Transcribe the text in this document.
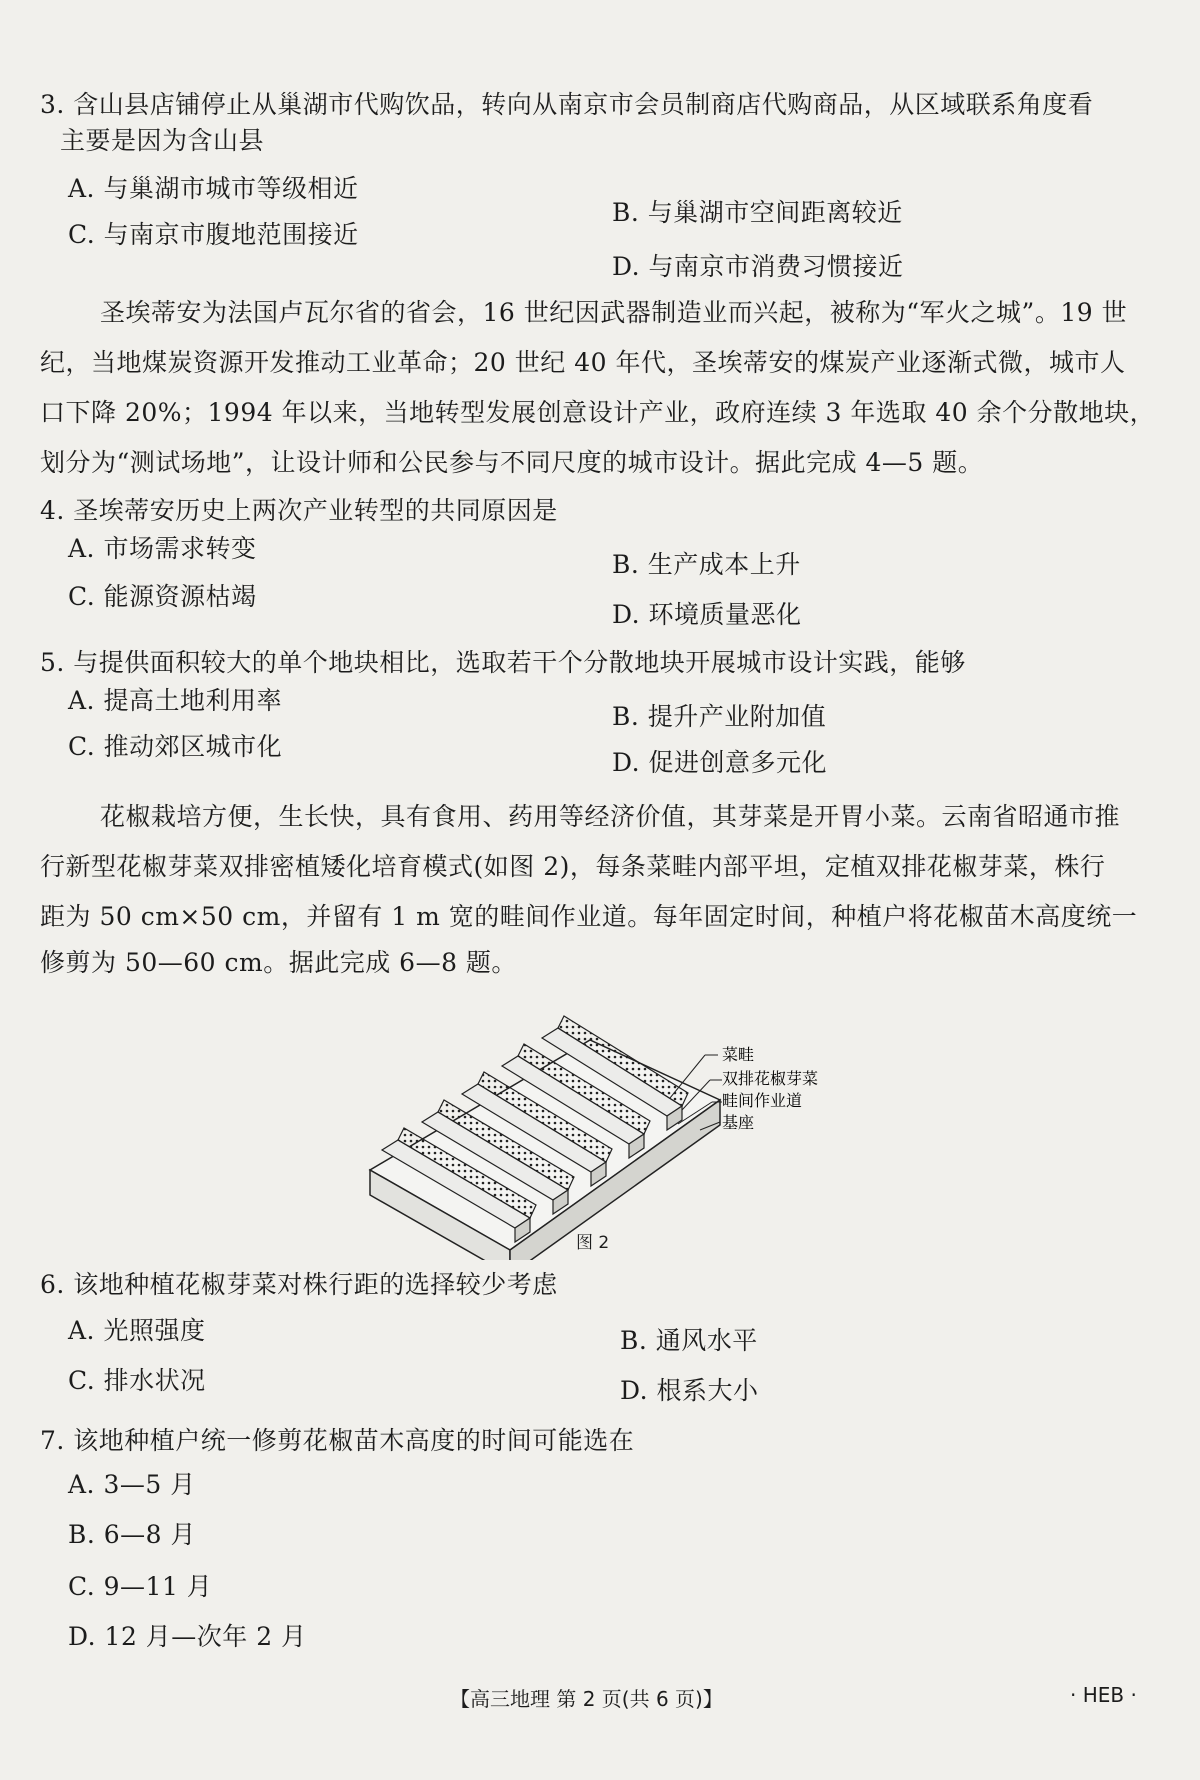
3. 含山县店铺停止从巢湖市代购饮品，转向从南京市会员制商店代购商品，从区域联系角度看
主要是因为含山县
A. 与巢湖市城市等级相近
B. 与巢湖市空间距离较近
C. 与南京市腹地范围接近
D. 与南京市消费习惯接近
圣埃蒂安为法国卢瓦尔省的省会，16 世纪因武器制造业而兴起，被称为“军火之城”。19 世
纪，当地煤炭资源开发推动工业革命；20 世纪 40 年代，圣埃蒂安的煤炭产业逐渐式微，城市人
口下降 20%；1994 年以来，当地转型发展创意设计产业，政府连续 3 年选取 40 余个分散地块，
划分为“测试场地”，让设计师和公民参与不同尺度的城市设计。据此完成 4—5 题。
4. 圣埃蒂安历史上两次产业转型的共同原因是
A. 市场需求转变
B. 生产成本上升
C. 能源资源枯竭
D. 环境质量恶化
5. 与提供面积较大的单个地块相比，选取若干个分散地块开展城市设计实践，能够
A. 提高土地利用率
B. 提升产业附加值
C. 推动郊区城市化
D. 促进创意多元化
花椒栽培方便，生长快，具有食用、药用等经济价值，其芽菜是开胃小菜。云南省昭通市推
行新型花椒芽菜双排密植矮化培育模式(如图 2)，每条菜畦内部平坦，定植双排花椒芽菜，株行
距为 50 cm×50 cm，并留有 1 m 宽的畦间作业道。每年固定时间，种植户将花椒苗木高度统一
修剪为 50—60 cm。据此完成 6—8 题。
菜畦
双排花椒芽菜
畦间作业道
基座
图 2
6. 该地种植花椒芽菜对株行距的选择较少考虑
A. 光照强度	B. 通风水平
C. 排水状况	D. 根系大小
7. 该地种植户统一修剪花椒苗木高度的时间可能选在
A. 3—5 月
B. 6—8 月
C. 9—11 月
D. 12 月—次年 2 月
【高三地理 第 2 页(共 6 页)】	· HEB ·
